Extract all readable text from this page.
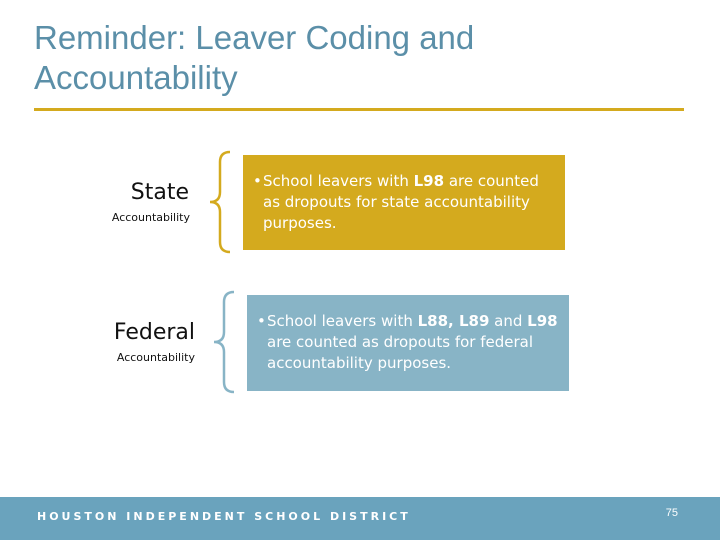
Reminder: Leaver Coding and
Accountability
State
Accountability
• School leavers with L98 are counted as dropouts for state accountability purposes.
Federal
Accountability
• School leavers with L88, L89 and L98 are counted as dropouts for federal accountability purposes.
HOUSTON INDEPENDENT SCHOOL DISTRICT	75
